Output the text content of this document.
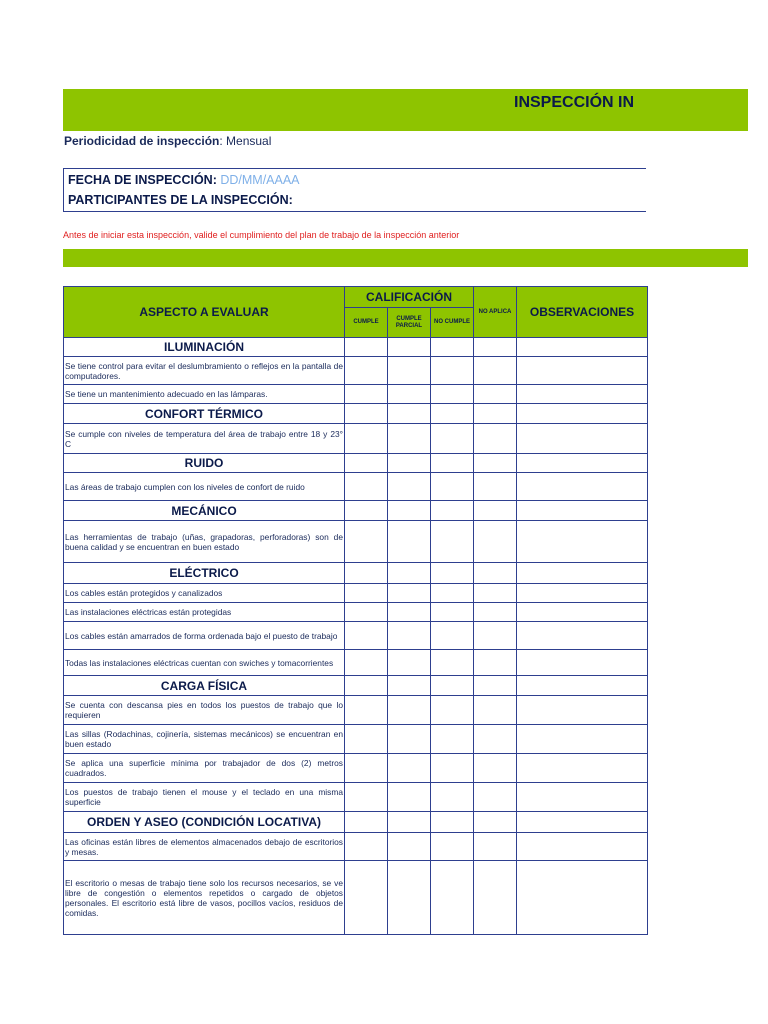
INSPECCIÓN IN
Periodicidad de inspección: Mensual
FECHA DE INSPECCIÓN: DD/MM/AAAA
PARTICIPANTES DE LA INSPECCIÓN:
Antes de iniciar esta inspección, valide el cumplimiento del plan de trabajo de la inspección anterior
ASPECTO A EVALUAR	CALIFICACIÓN			NO APLICA	OBSERVACIONES
	CUMPLE	CUMPLE PARCIAL	NO CUMPLE		
ILUMINACIÓN					
Se tiene control para evitar el deslumbramiento o reflejos en la pantalla de computadores.					
Se tiene un mantenimiento adecuado en las lámparas.					
CONFORT TÉRMICO					
Se cumple con niveles de temperatura del área de trabajo entre 18 y 23° C					
RUIDO					
Las áreas de trabajo cumplen con los niveles de confort de ruido					
MECÁNICO					
Las herramientas de trabajo (uñas, grapadoras, perforadoras) son de buena calidad y se encuentran en buen estado					
ELÉCTRICO					
Los cables están protegidos y canalizados					
Las instalaciones eléctricas están protegidas					
Los cables están amarrados de forma ordenada bajo el puesto de trabajo					
Todas las instalaciones eléctricas cuentan con swiches y tomacorrientes					
CARGA FÍSICA					
Se cuenta con descansa pies en todos los puestos de trabajo que lo requieren					
Las sillas (Rodachinas, cojinería, sistemas mecánicos) se encuentran en buen estado					
Se aplica una superficie mínima por trabajador de dos (2) metros cuadrados.					
Los puestos de trabajo tienen el mouse y el teclado en una misma superficie					
ORDEN Y ASEO (CONDICIÓN LOCATIVA)					
Las oficinas están libres de elementos almacenados debajo de escritorios y mesas.					
El escritorio o mesas de trabajo tiene solo los recursos necesarios, se ve libre de congestión o elementos repetidos o cargado de objetos personales. El escritorio está libre de vasos, pocillos vacíos, residuos de comidas.					
